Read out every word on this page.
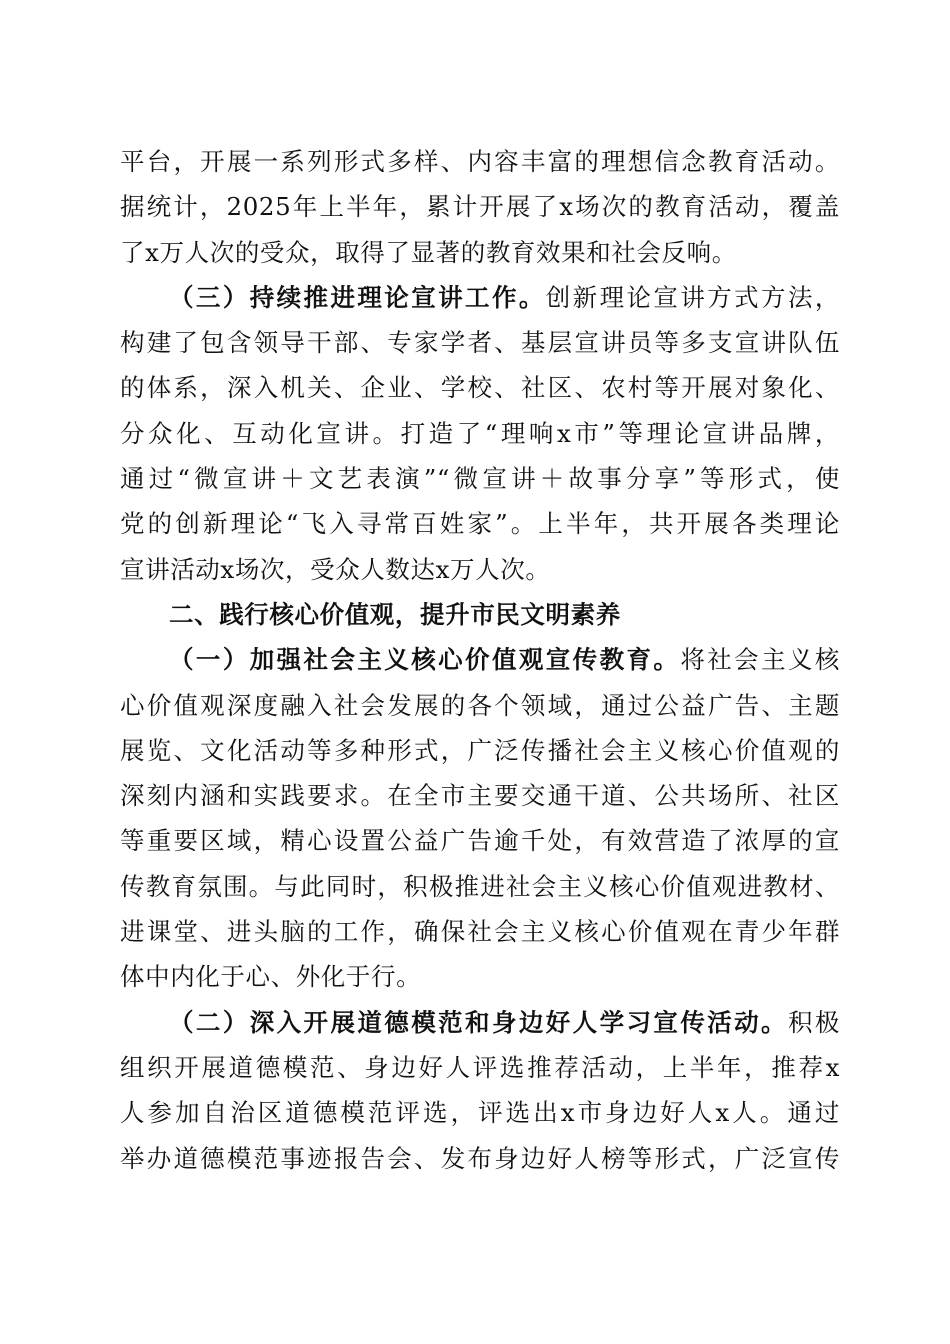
平台，开展一系列形式多样、内容丰富的理想信念教育活动。
据统计，2025年上半年，累计开展了x场次的教育活动，覆盖
了x万人次的受众，取得了显著的教育效果和社会反响。
（三）持续推进理论宣讲工作。创新理论宣讲方式方法，
构建了包含领导干部、专家学者、基层宣讲员等多支宣讲队伍
的体系，深入机关、企业、学校、社区、农村等开展对象化、
分众化、互动化宣讲。打造了“理响x市”等理论宣讲品牌，
通过“微宣讲＋文艺表演”“微宣讲＋故事分享”等形式，使
党的创新理论“飞入寻常百姓家”。上半年，共开展各类理论
宣讲活动x场次，受众人数达x万人次。
二、践行核心价值观，提升市民文明素养
（一）加强社会主义核心价值观宣传教育。将社会主义核
心价值观深度融入社会发展的各个领域，通过公益广告、主题
展览、文化活动等多种形式，广泛传播社会主义核心价值观的
深刻内涵和实践要求。在全市主要交通干道、公共场所、社区
等重要区域，精心设置公益广告逾千处，有效营造了浓厚的宣
传教育氛围。与此同时，积极推进社会主义核心价值观进教材、
进课堂、进头脑的工作，确保社会主义核心价值观在青少年群
体中内化于心、外化于行。
（二）深入开展道德模范和身边好人学习宣传活动。积极
组织开展道德模范、身边好人评选推荐活动，上半年，推荐x
人参加自治区道德模范评选，评选出x市身边好人x人。通过
举办道德模范事迹报告会、发布身边好人榜等形式，广泛宣传
